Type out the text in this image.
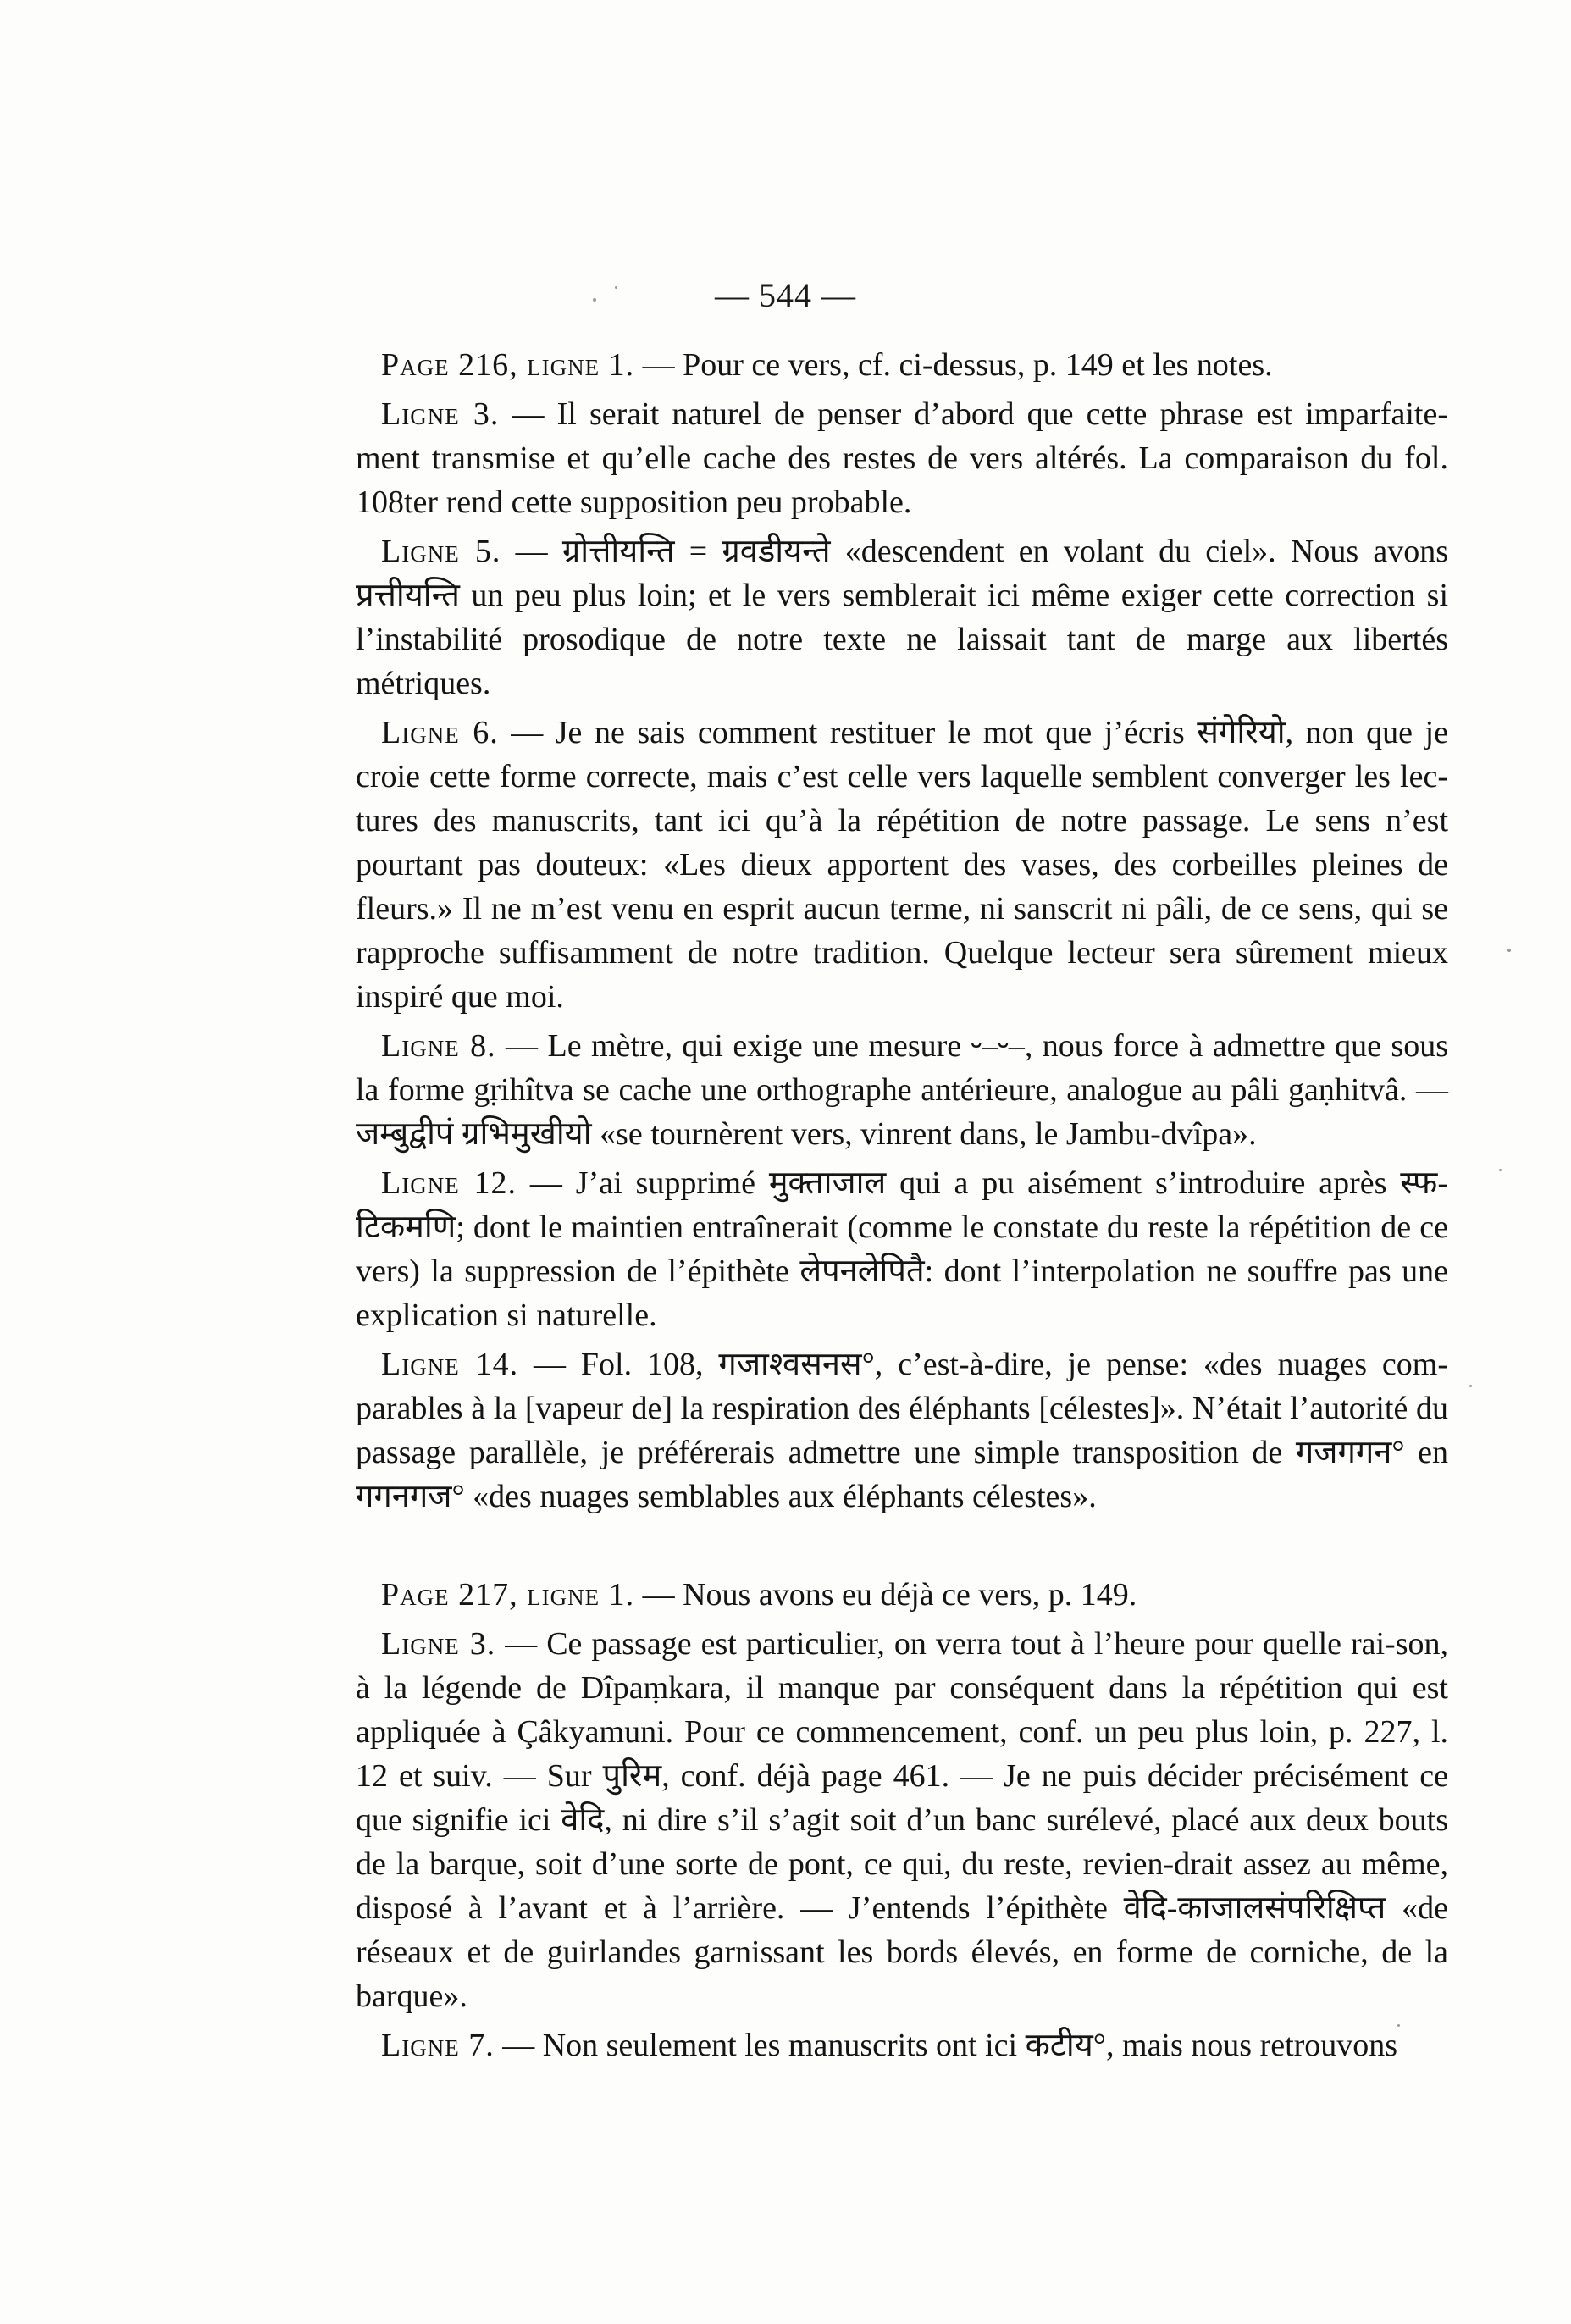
— 544 —

Page 216, ligne 1. — Pour ce vers, cf. ci-dessus, p. 149 et les notes.

Ligne 3. — Il serait naturel de penser d’abord que cette phrase est imparfaite-ment transmise et qu’elle cache des restes de vers altérés. La comparaison du fol. 108ter rend cette supposition peu probable.

Ligne 5. — ग्रोत्तीयन्ति = ग्रवडीयन्ते «descendent en volant du ciel». Nous avons प्रत्तीयन्ति un peu plus loin; et le vers semblerait ici même exiger cette correction si l’instabilité prosodique de notre texte ne laissait tant de marge aux libertés métriques.

Ligne 6. — Je ne sais comment restituer le mot que j’écris संगेरियो, non que je croie cette forme correcte, mais c’est celle vers laquelle semblent converger les lec-tures des manuscrits, tant ici qu’à la répétition de notre passage. Le sens n’est pourtant pas douteux: «Les dieux apportent des vases, des corbeilles pleines de fleurs.» Il ne m’est venu en esprit aucun terme, ni sanscrit ni pâli, de ce sens, qui se rapproche suffisamment de notre tradition. Quelque lecteur sera sûrement mieux inspiré que moi.

Ligne 8. — Le mètre, qui exige une mesure ⏑–⏑–, nous force à admettre que sous la forme gṛihîtva se cache une orthographe antérieure, analogue au pâli gaṇhitvâ. — जम्बुद्वीपं ग्रभिमुखीयो «se tournèrent vers, vinrent dans, le Jambu-dvîpa».

Ligne 12. — J’ai supprimé मुक्ताजाल qui a pu aisément s’introduire après स्फ-टिकमणि; dont le maintien entraînerait (comme le constate du reste la répétition de ce vers) la suppression de l’épithète लेपनलेपितै: dont l’interpolation ne souffre pas une explication si naturelle.

Ligne 14. — Fol. 108, गजाश्वसनस°, c’est-à-dire, je pense: «des nuages com-parables à la [vapeur de] la respiration des éléphants [célestes]». N’était l’autorité du passage parallèle, je préférerais admettre une simple transposition de गजगगन° en गगनगज° «des nuages semblables aux éléphants célestes».

Page 217, ligne 1. — Nous avons eu déjà ce vers, p. 149.

Ligne 3. — Ce passage est particulier, on verra tout à l’heure pour quelle rai-son, à la légende de Dîpaṃkara, il manque par conséquent dans la répétition qui est appliquée à Çâkyamuni. Pour ce commencement, conf. un peu plus loin, p. 227, l. 12 et suiv. — Sur पुरिम, conf. déjà page 461. — Je ne puis décider précisément ce que signifie ici वेदि, ni dire s’il s’agit soit d’un banc surélevé, placé aux deux bouts de la barque, soit d’une sorte de pont, ce qui, du reste, revien-drait assez au même, disposé à l’avant et à l’arrière. — J’entends l’épithète वेदि-काजालसंपरिक्षिप्त «de réseaux et de guirlandes garnissant les bords élevés, en forme de corniche, de la barque».

Ligne 7. — Non seulement les manuscrits ont ici कटीय°, mais nous retrouvons
